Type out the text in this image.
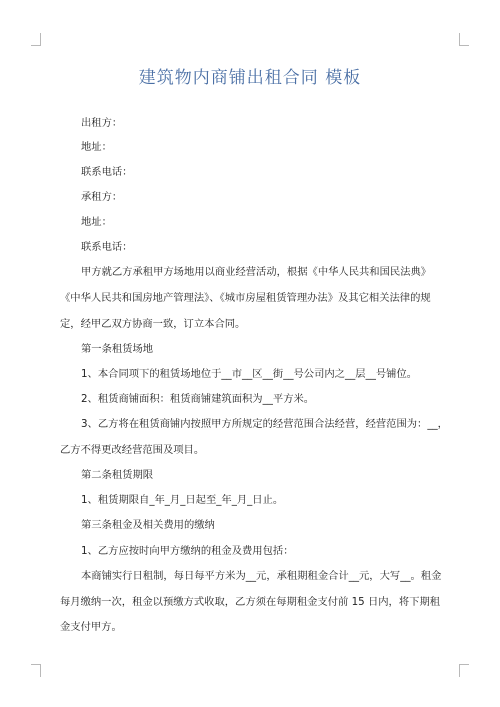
建筑物内商铺出租合同 模板
出租方：
地址：
联系电话：
承租方：
地址：
联系电话：
甲方就乙方承租甲方场地用以商业经营活动，根据《中华人民共和国民法典》
《中华人民共和国房地产管理法》、《城市房屋租赁管理办法》及其它相关法律的规
定，经甲乙双方协商一致，订立本合同。
第一条租赁场地
1、本合同项下的租赁场地位于__市__区__街__号公司内之__层__号铺位。
2、租赁商铺面积：租赁商铺建筑面积为__平方米。
3、乙方将在租赁商铺内按照甲方所规定的经营范围合法经营，经营范围为：__，
乙方不得更改经营范围及项目。
第二条租赁期限
1、租赁期限自_年_月_日起至_年_月_日止。
第三条租金及相关费用的缴纳
1、乙方应按时向甲方缴纳的租金及费用包括：
本商铺实行日租制，每日每平方米为__元，承租期租金合计__元，大写__。租金
每月缴纳一次，租金以预缴方式收取，乙方须在每期租金支付前 15 日内，将下期租
金支付甲方。
